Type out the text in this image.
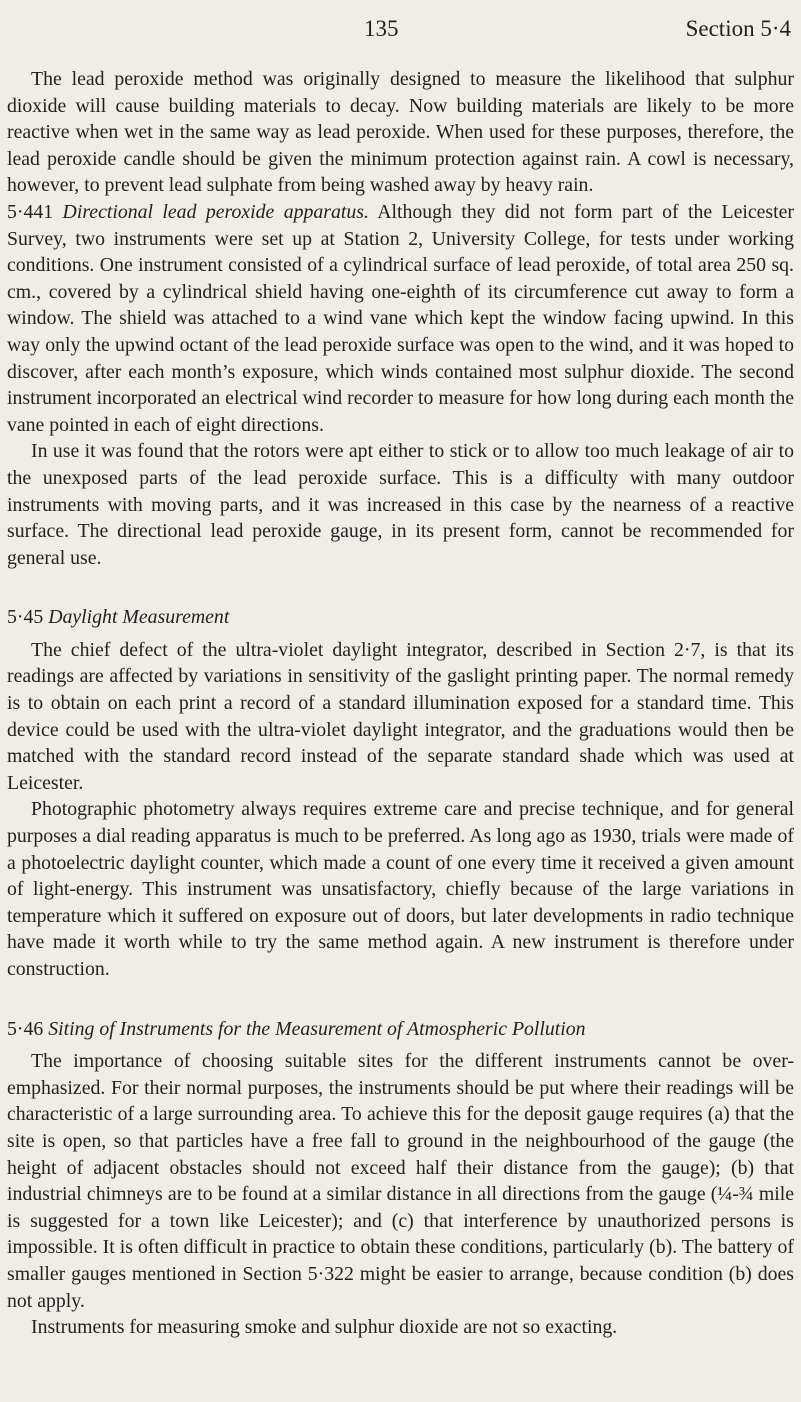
135	Section 5·4

The lead peroxide method was originally designed to measure the likelihood that sulphur dioxide will cause building materials to decay. Now building materials are likely to be more reactive when wet in the same way as lead peroxide. When used for these purposes, therefore, the lead peroxide candle should be given the minimum protection against rain. A cowl is necessary, however, to prevent lead sulphate from being washed away by heavy rain.

5·441 Directional lead peroxide apparatus. Although they did not form part of the Leicester Survey, two instruments were set up at Station 2, University College, for tests under working conditions. One instrument consisted of a cylindrical surface of lead peroxide, of total area 250 sq. cm., covered by a cylindrical shield having one-eighth of its circumference cut away to form a window. The shield was attached to a wind vane which kept the window facing upwind. In this way only the upwind octant of the lead peroxide surface was open to the wind, and it was hoped to discover, after each month’s exposure, which winds contained most sulphur dioxide. The second instrument incorporated an electrical wind recorder to measure for how long during each month the vane pointed in each of eight directions.

In use it was found that the rotors were apt either to stick or to allow too much leakage of air to the unexposed parts of the lead peroxide surface. This is a difficulty with many outdoor instruments with moving parts, and it was increased in this case by the nearness of a reactive surface. The directional lead peroxide gauge, in its present form, cannot be recommended for general use.

5·45 Daylight Measurement

The chief defect of the ultra-violet daylight integrator, described in Section 2·7, is that its readings are affected by variations in sensitivity of the gaslight printing paper. The normal remedy is to obtain on each print a record of a standard illumination exposed for a standard time. This device could be used with the ultra-violet daylight integrator, and the graduations would then be matched with the standard record instead of the separate standard shade which was used at Leicester.

Photographic photometry always requires extreme care and precise technique, and for general purposes a dial reading apparatus is much to be preferred. As long ago as 1930, trials were made of a photoelectric daylight counter, which made a count of one every time it received a given amount of light-energy. This instrument was unsatisfactory, chiefly because of the large variations in temperature which it suffered on exposure out of doors, but later developments in radio technique have made it worth while to try the same method again. A new instrument is therefore under construction.

5·46 Siting of Instruments for the Measurement of Atmospheric Pollution

The importance of choosing suitable sites for the different instruments cannot be over-emphasized. For their normal purposes, the instruments should be put where their readings will be characteristic of a large surrounding area. To achieve this for the deposit gauge requires (a) that the site is open, so that particles have a free fall to ground in the neighbourhood of the gauge (the height of adjacent obstacles should not exceed half their distance from the gauge); (b) that industrial chimneys are to be found at a similar distance in all directions from the gauge (¼-¾ mile is suggested for a town like Leicester); and (c) that interference by unauthorized persons is impossible. It is often difficult in practice to obtain these conditions, particularly (b). The battery of smaller gauges mentioned in Section 5·322 might be easier to arrange, because condition (b) does not apply.

Instruments for measuring smoke and sulphur dioxide are not so exacting.
